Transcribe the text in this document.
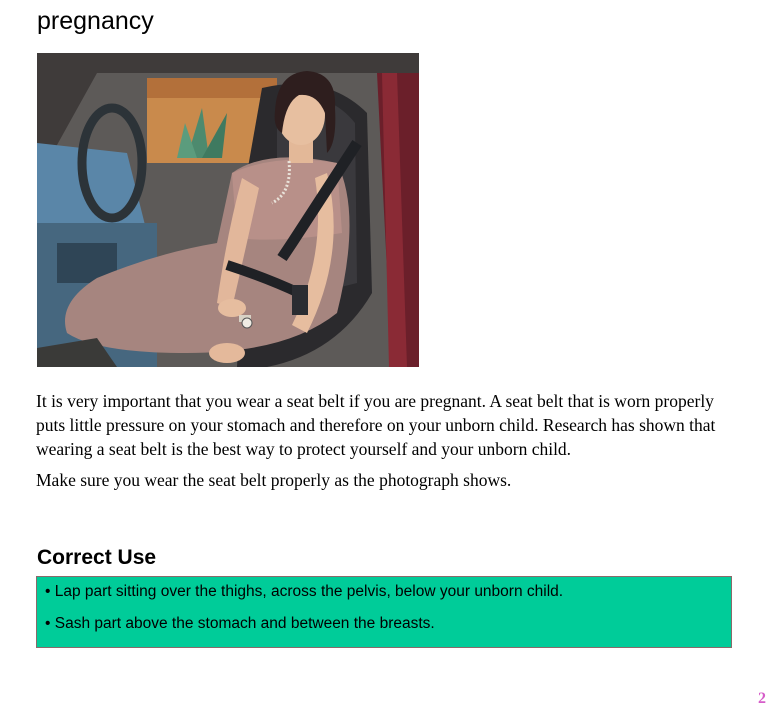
pregnancy

It is very important that you wear a seat belt if you are pregnant. A seat belt that is worn properly puts little pressure on your stomach and therefore on your unborn child. Research has shown that wearing a seat belt is the best way to protect yourself and your unborn child.

Make sure you wear the seat belt properly as the photograph shows.

Correct Use
• Lap part sitting over the thighs, across the pelvis, below your unborn child.
• Sash part above the stomach and between the breasts.
2
